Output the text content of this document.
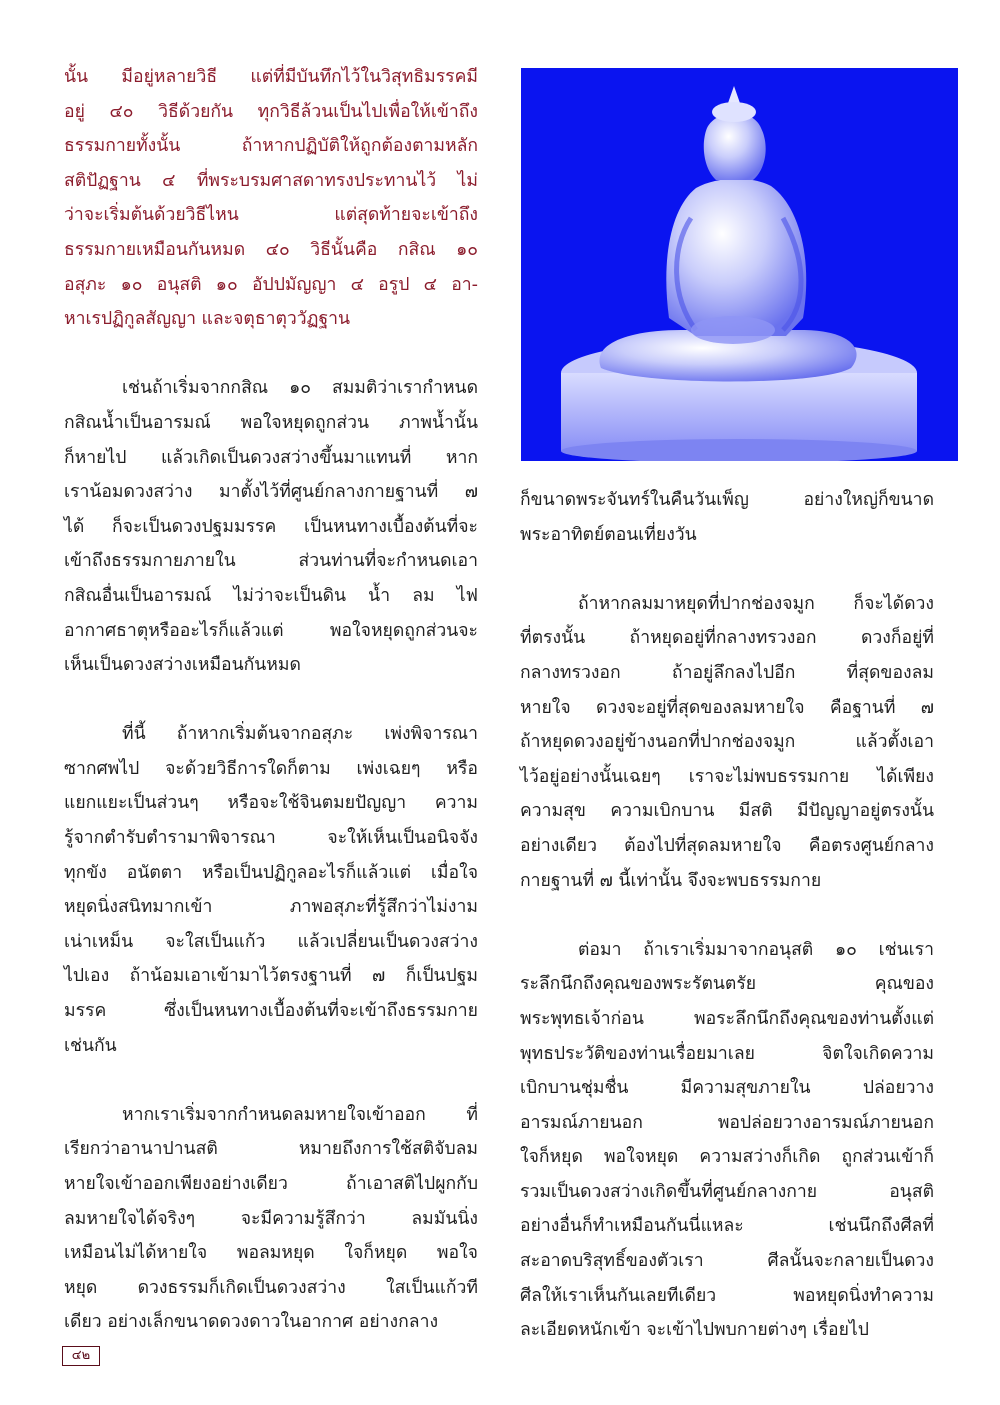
นั้น มีอยู่หลายวิธี แต่ที่มีบันทึกไว้ในวิสุทธิมรรคมี

อยู่ ๔๐ วิธีด้วยกัน ทุกวิธีล้วนเป็นไปเพื่อให้เข้าถึง

ธรรมกายทั้งนั้น ถ้าหากปฏิบัติให้ถูกต้องตามหลัก

สติปัฏฐาน ๔ ที่พระบรมศาสดาทรงประทานไว้ ไม่

ว่าจะเริ่มต้นด้วยวิธีไหน แต่สุดท้ายจะเข้าถึง

ธรรมกายเหมือนกันหมด ๔๐ วิธีนั้นคือ กสิณ ๑๐

อสุภะ ๑๐ อนุสติ ๑๐ อัปปมัญญา ๔ อรูป ๔ อา-

หาเรปฏิกูลสัญญา และจตุธาตุววัฏฐาน

เช่นถ้าเริ่มจากกสิณ ๑๐ สมมติว่าเรากำหนด

กสิณน้ำเป็นอารมณ์ พอใจหยุดถูกส่วน ภาพน้ำนั้น

ก็หายไป แล้วเกิดเป็นดวงสว่างขึ้นมาแทนที่ หาก

เราน้อมดวงสว่าง มาตั้งไว้ที่ศูนย์กลางกายฐานที่ ๗

ได้ ก็จะเป็นดวงปฐมมรรค เป็นหนทางเบื้องต้นที่จะ

เข้าถึงธรรมกายภายใน ส่วนท่านที่จะกำหนดเอา

กสิณอื่นเป็นอารมณ์ ไม่ว่าจะเป็นดิน น้ำ ลม ไฟ

อากาศธาตุหรืออะไรก็แล้วแต่ พอใจหยุดถูกส่วนจะ

เห็นเป็นดวงสว่างเหมือนกันหมด

ที่นี้ ถ้าหากเริ่มต้นจากอสุภะ เพ่งพิจารณา

ซากศพไป จะด้วยวิธีการใดก็ตาม เพ่งเฉยๆ หรือ

แยกแยะเป็นส่วนๆ หรือจะใช้จินตมยปัญญา ความ

รู้จากตำรับตำรามาพิจารณา จะให้เห็นเป็นอนิจจัง

ทุกขัง อนัตตา หรือเป็นปฏิกูลอะไรก็แล้วแต่ เมื่อใจ

หยุดนิ่งสนิทมากเข้า ภาพอสุภะที่รู้สึกว่าไม่งาม

เน่าเหม็น จะใสเป็นแก้ว แล้วเปลี่ยนเป็นดวงสว่าง

ไปเอง ถ้าน้อมเอาเข้ามาไว้ตรงฐานที่ ๗ ก็เป็นปฐม

มรรค ซึ่งเป็นหนทางเบื้องต้นที่จะเข้าถึงธรรมกาย

เช่นกัน

หากเราเริ่มจากกำหนดลมหายใจเข้าออก ที่

เรียกว่าอานาปานสติ หมายถึงการใช้สติจับลม

หายใจเข้าออกเพียงอย่างเดียว ถ้าเอาสติไปผูกกับ

ลมหายใจได้จริงๆ จะมีความรู้สึกว่า ลมมันนิ่ง

เหมือนไม่ได้หายใจ พอลมหยุด ใจก็หยุด พอใจ

หยุด ดวงธรรมก็เกิดเป็นดวงสว่าง ใสเป็นแก้วที

เดียว อย่างเล็กขนาดดวงดาวในอากาศ อย่างกลาง

ก็ขนาดพระจันทร์ในคืนวันเพ็ญ อย่างใหญ่ก็ขนาด

พระอาทิตย์ตอนเที่ยงวัน

ถ้าหากลมมาหยุดที่ปากช่องจมูก ก็จะได้ดวง

ที่ตรงนั้น ถ้าหยุดอยู่ที่กลางทรวงอก ดวงก็อยู่ที่

กลางทรวงอก ถ้าอยู่ลึกลงไปอีก ที่สุดของลม

หายใจ ดวงจะอยู่ที่สุดของลมหายใจ คือฐานที่ ๗

ถ้าหยุดดวงอยู่ข้างนอกที่ปากช่องจมูก แล้วตั้งเอา

ไว้อยู่อย่างนั้นเฉยๆ เราจะไม่พบธรรมกาย ได้เพียง

ความสุข ความเบิกบาน มีสติ มีปัญญาอยู่ตรงนั้น

อย่างเดียว ต้องไปที่สุดลมหายใจ คือตรงศูนย์กลาง

กายฐานที่ ๗ นี้เท่านั้น จึงจะพบธรรมกาย

ต่อมา ถ้าเราเริ่มมาจากอนุสติ ๑๐ เช่นเรา

ระลึกนึกถึงคุณของพระรัตนตรัย คุณของ

พระพุทธเจ้าก่อน พอระลึกนึกถึงคุณของท่านตั้งแต่

พุทธประวัติของท่านเรื่อยมาเลย จิตใจเกิดความ

เบิกบานชุ่มชื่น มีความสุขภายใน ปล่อยวาง

อารมณ์ภายนอก พอปล่อยวางอารมณ์ภายนอก

ใจก็หยุด พอใจหยุด ความสว่างก็เกิด ถูกส่วนเข้าก็

รวมเป็นดวงสว่างเกิดขึ้นที่ศูนย์กลางกาย อนุสติ

อย่างอื่นก็ทำเหมือนกันนี่แหละ เช่นนึกถึงศีลที่

สะอาดบริสุทธิ์ของตัวเรา ศีลนั้นจะกลายเป็นดวง

ศีลให้เราเห็นกันเลยทีเดียว พอหยุดนิ่งทำความ

ละเอียดหนักเข้า จะเข้าไปพบกายต่างๆ เรื่อยไป

๔๒
